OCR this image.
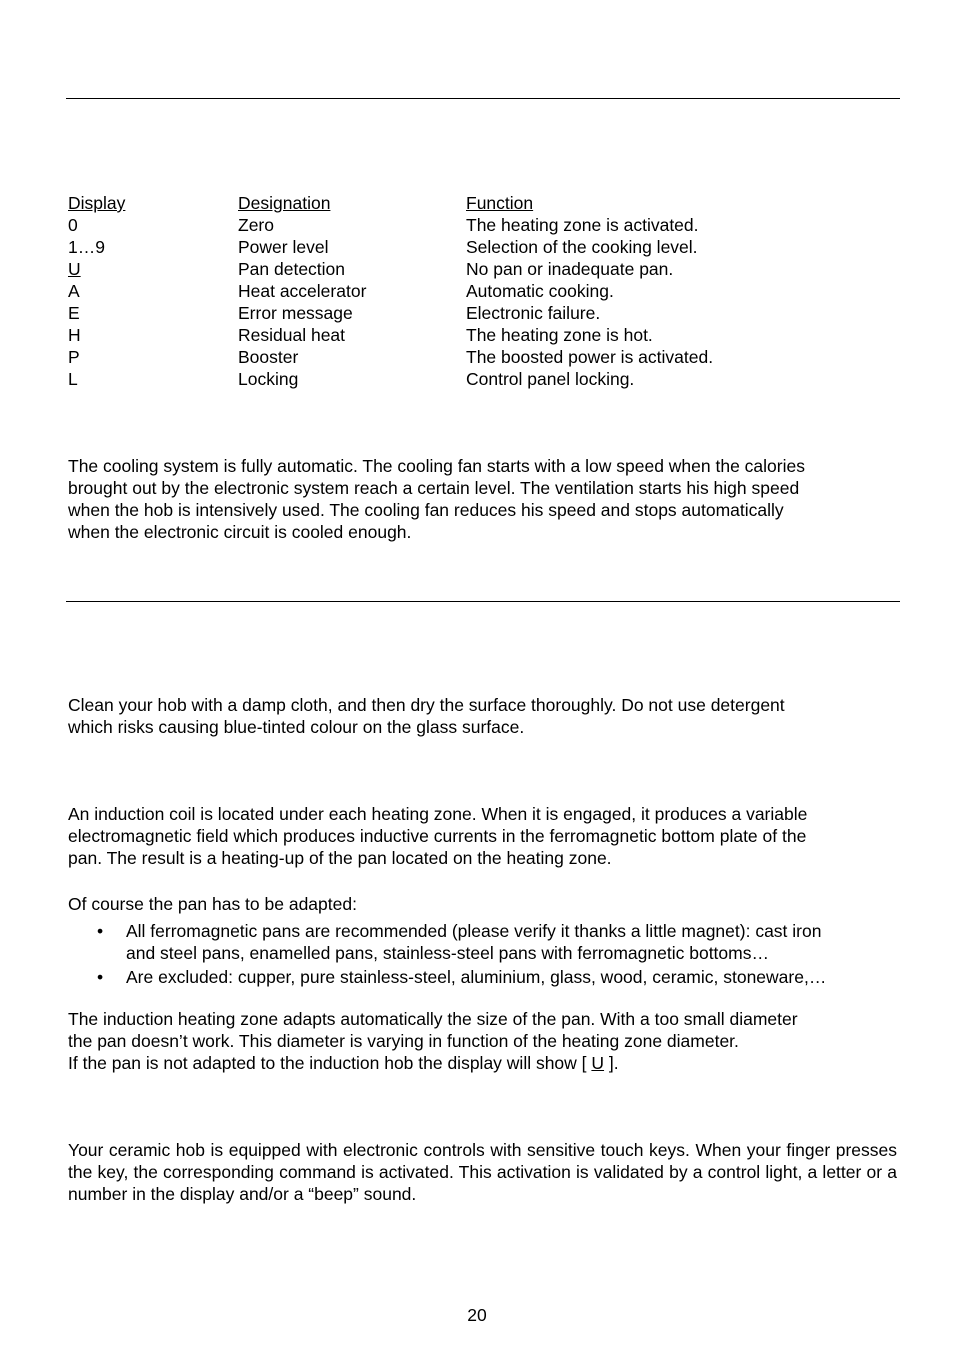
Display	Designation	Function
0	Zero	The heating zone is activated.
1…9	Power level	Selection of the cooking level.
U	Pan detection	No pan or inadequate pan.
A	Heat accelerator	Automatic cooking.
E	Error message	Electronic failure.
H	Residual heat	The heating zone is hot.
P	Booster	The boosted power is activated.
L	Locking	Control panel locking.
The cooling system is fully automatic. The cooling fan starts with a low speed when the calories
brought out by the electronic system reach a certain level. The ventilation starts his high speed
when the hob is intensively used. The cooling fan reduces his speed and stops automatically
when the electronic circuit is cooled enough.
Clean your hob with a damp cloth, and then dry the surface thoroughly. Do not use detergent
which risks causing blue-tinted colour on the glass surface.
An induction coil is located under each heating zone. When it is engaged, it produces a variable
electromagnetic field which produces inductive currents in the ferromagnetic bottom plate of the
pan. The result is a heating-up of the pan located on the heating zone.
Of course the pan has to be adapted:
• All ferromagnetic pans are recommended (please verify it thanks a little magnet): cast iron
and steel pans, enamelled pans, stainless-steel pans with ferromagnetic bottoms…
• Are excluded: cupper, pure stainless-steel, aluminium, glass, wood, ceramic, stoneware,…
The induction heating zone adapts automatically the size of the pan. With a too small diameter
the pan doesn’t work. This diameter is varying in function of the heating zone diameter.
If the pan is not adapted to the induction hob the display will show [ U ].

Your ceramic hob is equipped with electronic controls with sensitive touch keys. When your finger presses the key, the corresponding command is activated. This activation is validated by a control light, a letter or a number in the display and/or a “beep” sound.

20
